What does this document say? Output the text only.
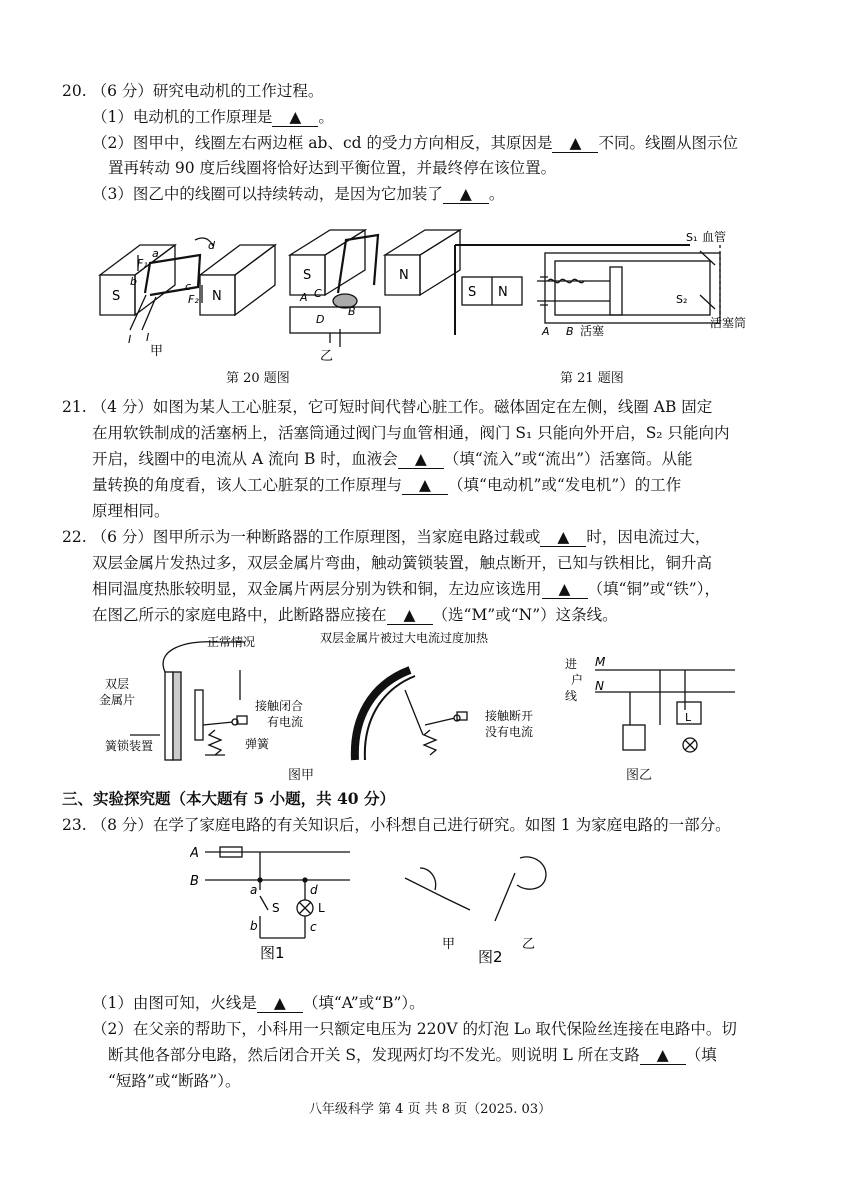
20. （6 分）研究电动机的工作过程。
（1）电动机的工作原理是 ▲ 。
（2）图甲中，线圈左右两边框 ab、cd 的受力方向相反，其原因是 ▲ 不同。线圈从图示位
置再转动 90 度后线圈将恰好达到平衡位置，并最终停在该位置。
（3）图乙中的线圈可以持续转动，是因为它加装了 ▲ 。
S	N
a
b	c
d
F₁
F₂
I I
甲
S	N
A C
B
D
乙
S N
A B 活塞
S₁ 血管
S₂
活塞筒
第 20 题图	第 21 题图
21. （4 分）如图为某人工心脏泵，它可短时间代替心脏工作。磁体固定在左侧，线圈 AB 固定
在用软铁制成的活塞柄上，活塞筒通过阀门与血管相通，阀门 S₁ 只能向外开启，S₂ 只能向内
开启，线圈中的电流从 A 流向 B 时，血液会 ▲ （填“流入”或“流出”）活塞筒。从能
量转换的角度看，该人工心脏泵的工作原理与 ▲ （填“电动机”或“发电机”）的工作
原理相同。
22. （6 分）图甲所示为一种断路器的工作原理图，当家庭电路过载或 ▲ 时，因电流过大，
双层金属片发热过多，双层金属片弯曲，触动簧锁装置，触点断开，已知与铁相比，铜升高
相同温度热胀较明显，双金属片两层分别为铁和铜，左边应该选用 ▲ （填“铜”或“铁”），
在图乙所示的家庭电路中，此断路器应接在 ▲ （选“M”或“N”）这条线。
正常情况
双层
金属片	接触闭合
有电流
簧锁装置	弹簧
双层金属片被过大电流过度加热
接触断开
没有电流
进
户
线
M
N
L
图甲	图乙
三、实验探究题（本大题有 5 小题，共 40 分）
23. （8 分）在学了家庭电路的有关知识后，小科想自己进行研究。如图 1 为家庭电路的一部分。
A
B
a
b	c
d
S	L
图1	甲	乙
图2
（1）由图可知，火线是 ▲ （填“A”或“B”）。
（2）在父亲的帮助下，小科用一只额定电压为 220V 的灯泡 L₀ 取代保险丝连接在电路中。切
断其他各部分电路，然后闭合开关 S，发现两灯均不发光。则说明 L 所在支路 ▲ （填
“短路”或“断路”）。
八年级科学 第 4 页 共 8 页（2025. 03）
